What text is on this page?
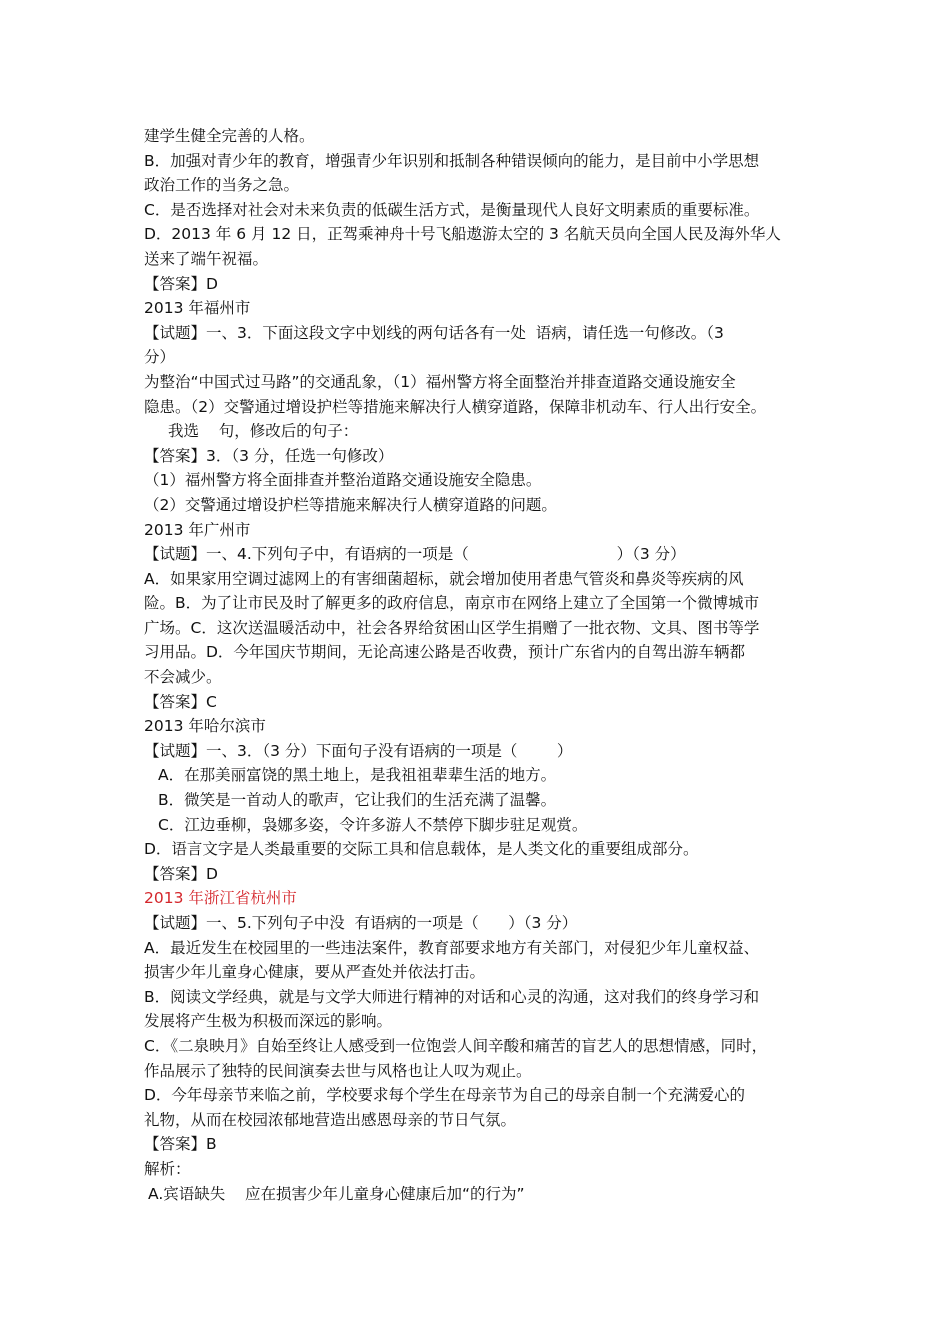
建学生健全完善的人格。
B．加强对青少年的教育，增强青少年识别和抵制各种错误倾向的能力，是目前中小学思想
政治工作的当务之急。
C．是否选择对社会对未来负责的低碳生活方式，是衡量现代人良好文明素质的重要标准。
D．2013 年 6 月 12 日，正驾乘神舟十号飞船遨游太空的 3 名航天员向全国人民及海外华人
送来了端午祝福。
【答案】D
2013 年福州市
【试题】一、3．下面这段文字中划线的两句话各有一处  语病，请任选一句修改。（3
分）
为整治“中国式过马路”的交通乱象，（1）福州警方将全面整治并排查道路交通设施安全
隐患。（2）交警通过增设护栏等措施来解决行人横穿道路，保障非机动车、行人出行安全。
我选    句，修改后的句子：
【答案】3．（3 分，任选一句修改）
（1）福州警方将全面排查并整治道路交通设施安全隐患。
（2）交警通过增设护栏等措施来解决行人横穿道路的问题。
2013 年广州市
【试题】一、4.下列句子中，有语病的一项是（                              ）（3 分）
A．如果家用空调过滤网上的有害细菌超标，就会增加使用者患气管炎和鼻炎等疾病的风
险。B．为了让市民及时了解更多的政府信息，南京市在网络上建立了全国第一个微博城市
广场。C．这次送温暖活动中，社会各界给贫困山区学生捐赠了一批衣物、文具、图书等学
习用品。D．今年国庆节期间，无论高速公路是否收费，预计广东省内的自驾出游车辆都
不会减少。
【答案】C
2013 年哈尔滨市
【试题】一、3．（3 分）下面句子没有语病的一项是（        ）
A．在那美丽富饶的黑土地上，是我祖祖辈辈生活的地方。
B．微笑是一首动人的歌声，它让我们的生活充满了温馨。
C．江边垂柳，袅娜多姿，令许多游人不禁停下脚步驻足观赏。
D．语言文字是人类最重要的交际工具和信息载体，是人类文化的重要组成部分。
【答案】D
2013 年浙江省杭州市
【试题】一、5.下列句子中没  有语病的一项是（      ）（3 分）
A．最近发生在校园里的一些违法案件，教育部要求地方有关部门，对侵犯少年儿童权益、
损害少年儿童身心健康，要从严查处并依法打击。
B．阅读文学经典，就是与文学大师进行精神的对话和心灵的沟通，这对我们的终身学习和
发展将产生极为积极而深远的影响。
C．《二泉映月》自始至终让人感受到一位饱尝人间辛酸和痛苦的盲艺人的思想情感，同时，
作品展示了独特的民间演奏去世与风格也让人叹为观止。
D．今年母亲节来临之前，学校要求每个学生在母亲节为自己的母亲自制一个充满爱心的
礼物，从而在校园浓郁地营造出感恩母亲的节日气氛。
【答案】B
解析：
A.宾语缺失    应在损害少年儿童身心健康后加“的行为”
